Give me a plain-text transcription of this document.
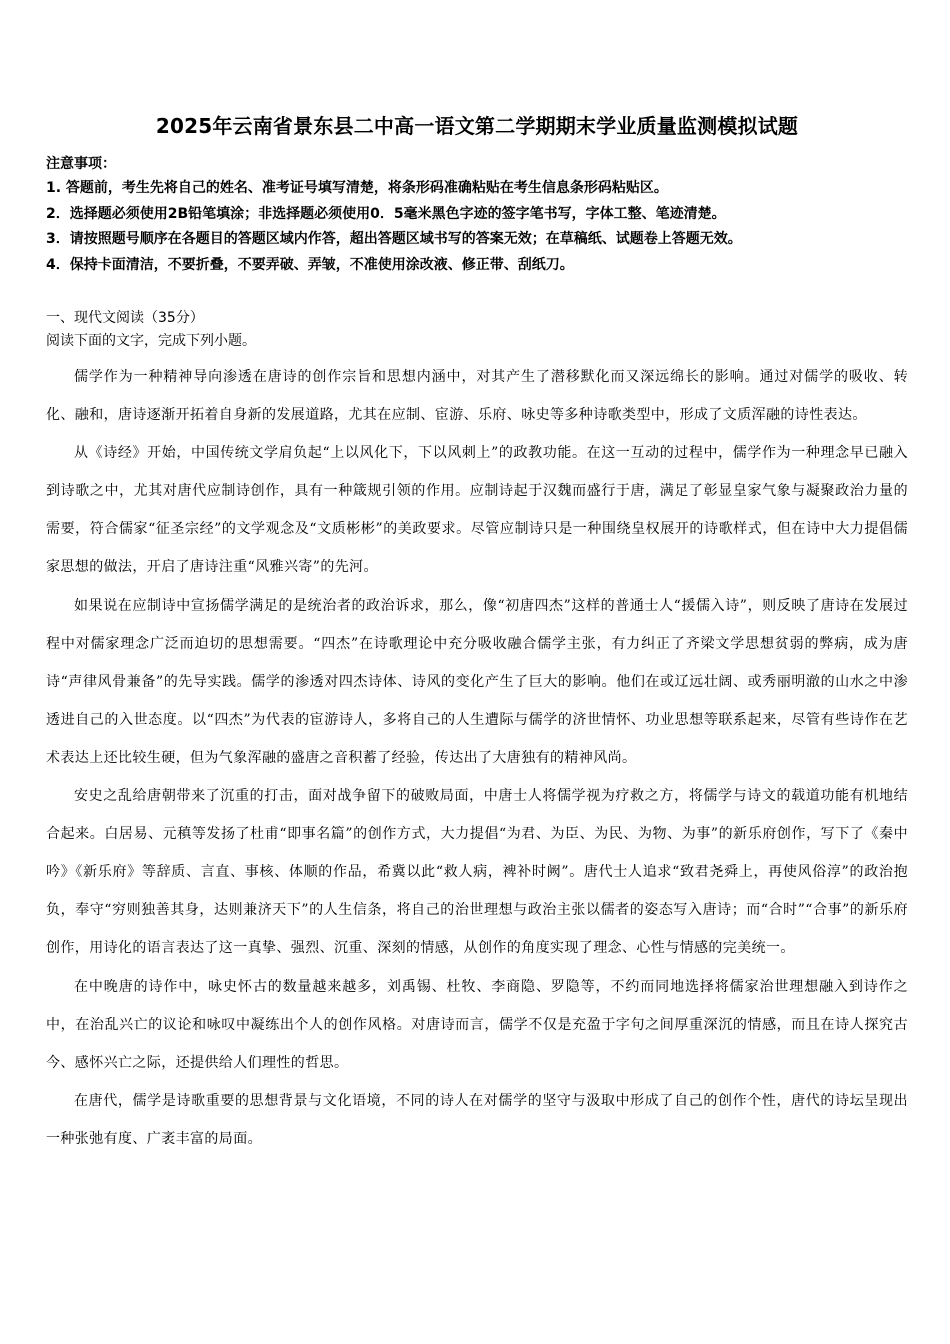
2025年云南省景东县二中高一语文第二学期期末学业质量监测模拟试题

注意事项：

1. 答题前，考生先将自己的姓名、准考证号填写清楚，将条形码准确粘贴在考生信息条形码粘贴区。
2．选择题必须使用2B铅笔填涂；非选择题必须使用0．5毫米黑色字迹的签字笔书写，字体工整、笔迹清楚。
3．请按照题号顺序在各题目的答题区域内作答，超出答题区域书写的答案无效；在草稿纸、试题卷上答题无效。
4．保持卡面清洁，不要折叠，不要弄破、弄皱，不准使用涂改液、修正带、刮纸刀。

一、现代文阅读（35分）

阅读下面的文字，完成下列小题。

儒学作为一种精神导向渗透在唐诗的创作宗旨和思想内涵中，对其产生了潜移默化而又深远绵长的影响。通过对儒学的吸收、转化、融和，唐诗逐渐开拓着自身新的发展道路，尤其在应制、宦游、乐府、咏史等多种诗歌类型中，形成了文质浑融的诗性表达。

从《诗经》开始，中国传统文学肩负起“上以风化下，下以风刺上”的政教功能。在这一互动的过程中，儒学作为一种理念早已融入到诗歌之中，尤其对唐代应制诗创作，具有一种箴规引领的作用。应制诗起于汉魏而盛行于唐，满足了彰显皇家气象与凝聚政治力量的需要，符合儒家“征圣宗经”的文学观念及“文质彬彬”的美政要求。尽管应制诗只是一种围绕皇权展开的诗歌样式，但在诗中大力提倡儒家思想的做法，开启了唐诗注重“风雅兴寄”的先河。

如果说在应制诗中宣扬儒学满足的是统治者的政治诉求，那么，像“初唐四杰”这样的普通士人“援儒入诗”，则反映了唐诗在发展过程中对儒家理念广泛而迫切的思想需要。“四杰”在诗歌理论中充分吸收融合儒学主张，有力纠正了齐梁文学思想贫弱的弊病，成为唐诗“声律风骨兼备”的先导实践。儒学的渗透对四杰诗体、诗风的变化产生了巨大的影响。他们在或辽远壮阔、或秀丽明澈的山水之中渗透进自己的入世态度。以“四杰”为代表的宦游诗人，多将自己的人生遭际与儒学的济世情怀、功业思想等联系起来，尽管有些诗作在艺术表达上还比较生硬，但为气象浑融的盛唐之音积蓄了经验，传达出了大唐独有的精神风尚。

安史之乱给唐朝带来了沉重的打击，面对战争留下的破败局面，中唐士人将儒学视为疗救之方，将儒学与诗文的载道功能有机地结合起来。白居易、元稹等发扬了杜甫“即事名篇”的创作方式，大力提倡“为君、为臣、为民、为物、为事”的新乐府创作，写下了《秦中吟》《新乐府》等辞质、言直、事核、体顺的作品，希冀以此“救人病，裨补时阙”。唐代士人追求“致君尧舜上，再使风俗淳”的政治抱负，奉守“穷则独善其身，达则兼济天下”的人生信条，将自己的治世理想与政治主张以儒者的姿态写入唐诗；而“合时”“合事”的新乐府创作，用诗化的语言表达了这一真挚、强烈、沉重、深刻的情感，从创作的角度实现了理念、心性与情感的完美统一。

在中晚唐的诗作中，咏史怀古的数量越来越多，刘禹锡、杜牧、李商隐、罗隐等，不约而同地选择将儒家治世理想融入到诗作之中，在治乱兴亡的议论和咏叹中凝练出个人的创作风格。对唐诗而言，儒学不仅是充盈于字句之间厚重深沉的情感，而且在诗人探究古今、感怀兴亡之际，还提供给人们理性的哲思。

在唐代，儒学是诗歌重要的思想背景与文化语境，不同的诗人在对儒学的坚守与汲取中形成了自己的创作个性，唐代的诗坛呈现出一种张弛有度、广袤丰富的局面。
